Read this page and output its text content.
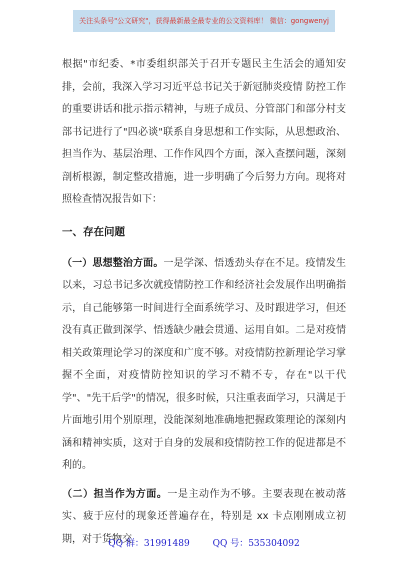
关注头条号"公文研究"，获得最新最全最专业的公文资料库！ 微信：gongwenyj

根据"市纪委、*市委组织部关于召开专题民主生活会的通知安排，会前，我深入学习习近平总书记关于新冠肺炎疫情 防控工作的重要讲话和批示指示精神，与班子成员、分管部门和部分村支部书记进行了"四必谈"联系自身思想和工作实际，从思想政治、担当作为、基层治理、工作作风四个方面，深入查摆问题，深刻剖析根源，制定整改措施，进一步明确了今后努力方向。现将对照检查情况报告如下：

一、存在问题

（一）思想整治方面。一是学深、悟透劲头存在不足。疫情发生以来，习总书记多次就疫情防控工作和经济社会发展作出明确指示，自己能够第一时间进行全面系统学习、及时跟进学习，但还没有真正做到深学、悟透缺少融会贯通、运用自如。二是对疫情相关政策理论学习的深度和广度不够。对疫情防控新理论学习掌握不全面，对疫情防控知识的学习不精不专，存在"以干代学"、"先干后学"的情况，很多时候，只注重表面学习，只满足于片面地引用个别原理，没能深刻地准确地把握政策理论的深刻内涵和精神实质，这对于自身的发展和疫情防控工作的促进都是不利的。

（二）担当作为方面。一是主动作为不够。主要表现在被动落实、疲于应付的现象还普遍存在，特别是 xx 卡点刚刚成立初期，对于货物交

QQ 群：31991489	QQ 号：535304092
